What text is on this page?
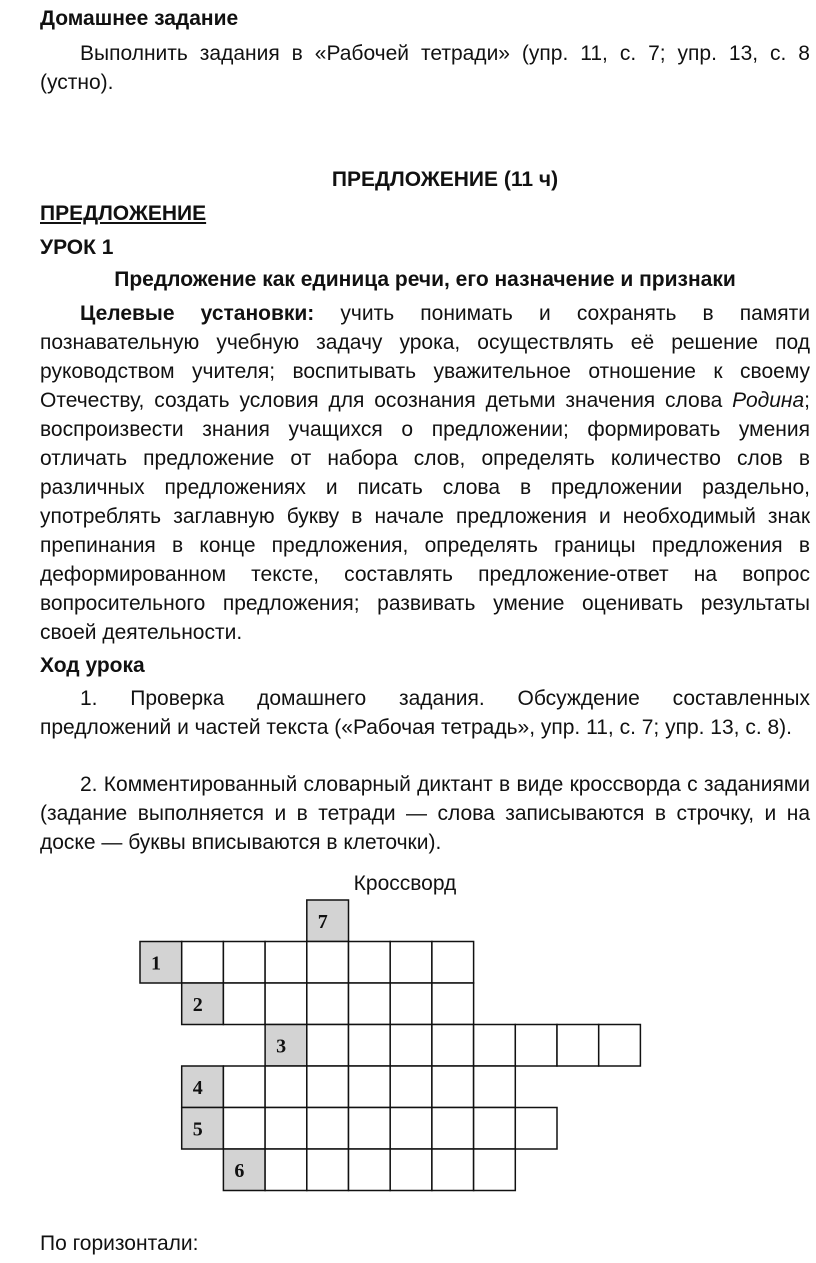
Домашнее задание
Выполнить задания в «Рабочей тетради» (упр. 11, с. 7; упр. 13, с. 8 (устно).
ПРЕДЛОЖЕНИЕ (11 ч)
ПРЕДЛОЖЕНИЕ
УРОК 1
Предложение как единица речи, его назначение и признаки
Целевые установки: учить понимать и сохранять в памяти познавательную учебную задачу урока, осуществлять её решение под руководством учителя; воспитывать уважительное отношение к своему Отечеству, создать условия для осознания детьми значения слова Родина; воспроизвести знания учащихся о предложении; формировать умения отличать предложение от набора слов, определять количество слов в различных предложениях и писать слова в предложении раздельно, употреблять заглавную букву в начале предложения и необходимый знак препинания в конце предложения, определять границы предложения в деформированном тексте, составлять предложение-ответ на вопрос вопросительного предложения; развивать умение оценивать результаты своей деятельности.
Ход урока
1. Проверка домашнего задания. Обсуждение составленных предложений и частей текста («Рабочая тетрадь», упр. 11, с. 7; упр. 13, с. 8).
2. Комментированный словарный диктант в виде кроссворда с заданиями (задание выполняется и в тетради — слова записываются в строчку, и на доске — буквы вписываются в клеточки).
Кроссворд
7
1
2
3
4
5
6
По горизонтали:
